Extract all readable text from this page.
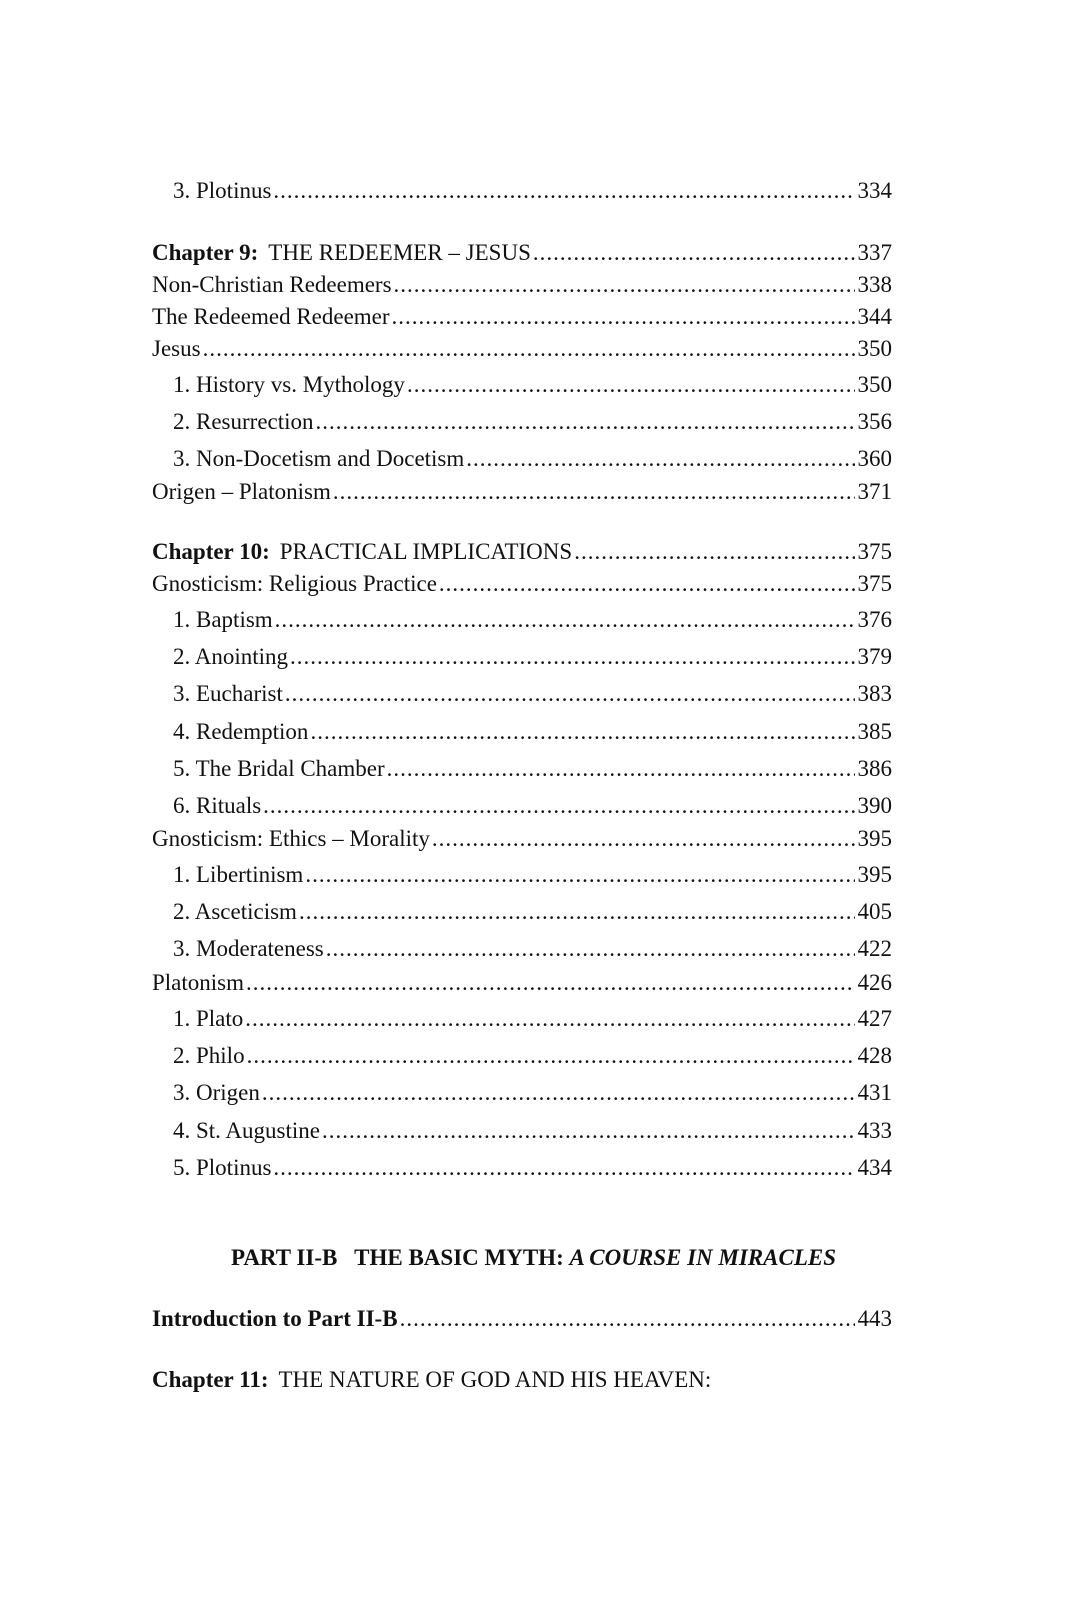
3. Plotinus .....	334
Chapter 9: THE REDEEMER – JESUS .....	337
Non-Christian Redeemers .....	338
The Redeemed Redeemer .....	344
Jesus .....	350
1. History vs. Mythology .....	350
2. Resurrection .....	356
3. Non-Docetism and Docetism .....	360
Origen – Platonism .....	371
Chapter 10: PRACTICAL IMPLICATIONS .....	375
Gnosticism: Religious Practice .....	375
1. Baptism .....	376
2. Anointing .....	379
3. Eucharist .....	383
4. Redemption .....	385
5. The Bridal Chamber .....	386
6. Rituals .....	390
Gnosticism: Ethics – Morality .....	395
1. Libertinism .....	395
2. Asceticism .....	405
3. Moderateness .....	422
Platonism .....	426
1. Plato .....	427
2. Philo .....	428
3. Origen .....	431
4. St. Augustine .....	433
5. Plotinus .....	434
Introduction to Part II-B .....	443
Chapter 11: THE NATURE OF GOD AND HIS HEAVEN:
PART II-B   THE BASIC MYTH: A COURSE IN MIRACLES
